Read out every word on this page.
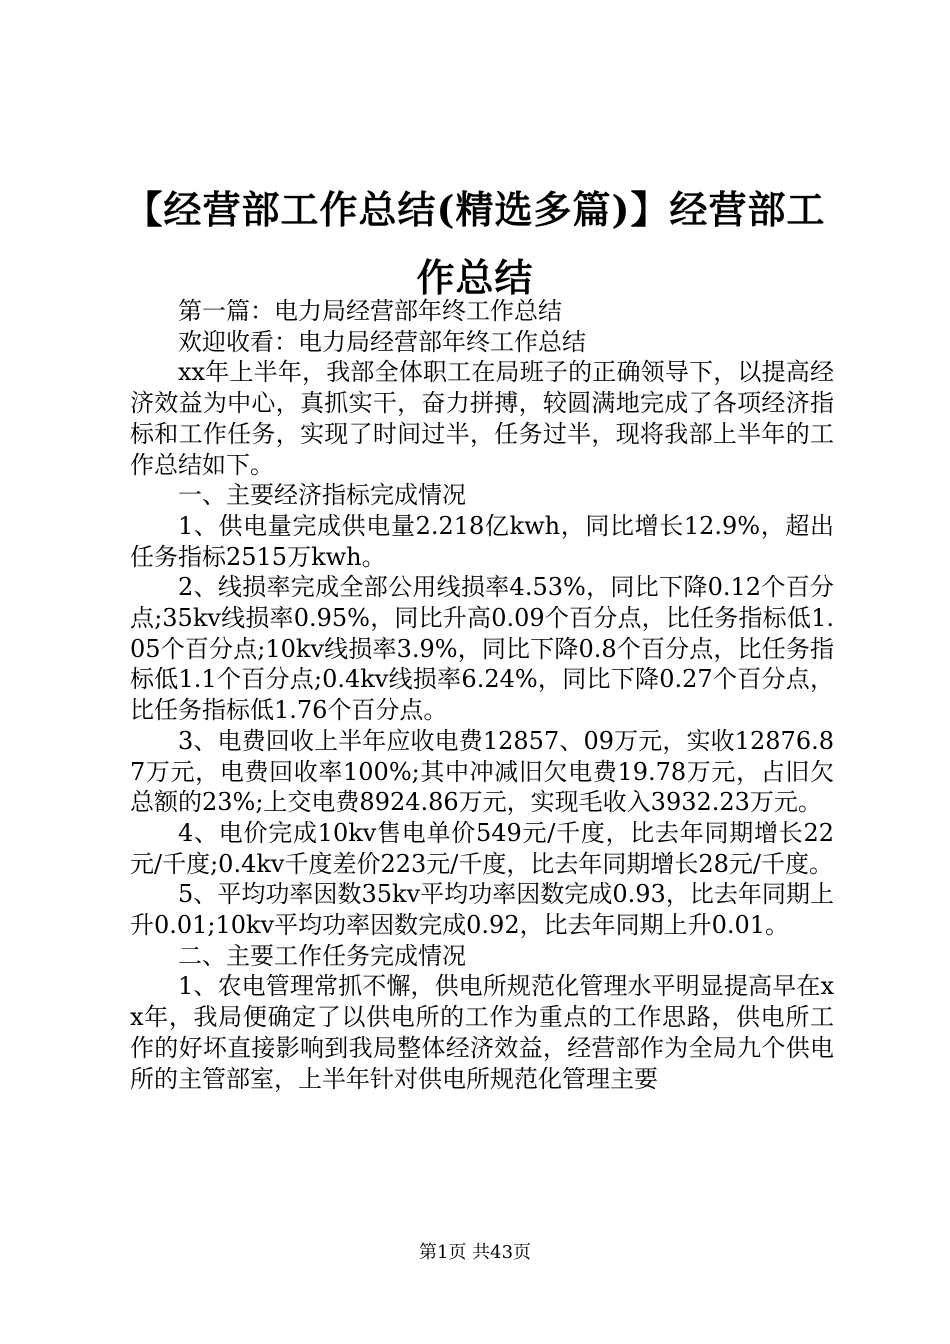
【经营部工作总结(精选多篇)】经营部工作总结

第一篇：电力局经营部年终工作总结

欢迎收看：电力局经营部年终工作总结

xx年上半年，我部全体职工在局班子的正确领导下，以提高经济效益为中心，真抓实干，奋力拼搏，较圆满地完成了各项经济指标和工作任务，实现了时间过半，任务过半，现将我部上半年的工作总结如下。

一、主要经济指标完成情况

1、供电量完成供电量2.218亿kwh，同比增长12.9%，超出任务指标2515万kwh。

2、线损率完成全部公用线损率4.53%，同比下降0.12个百分点;35kv线损率0.95%，同比升高0.09个百分点，比任务指标低1.05个百分点;10kv线损率3.9%，同比下降0.8个百分点，比任务指标低1.1个百分点;0.4kv线损率6.24%，同比下降0.27个百分点，比任务指标低1.76个百分点。

3、电费回收上半年应收电费12857、09万元，实收12876.87万元，电费回收率100%;其中冲减旧欠电费19.78万元，占旧欠总额的23%;上交电费8924.86万元，实现毛收入3932.23万元。

4、电价完成10kv售电单价549元/千度，比去年同期增长22元/千度;0.4kv千度差价223元/千度，比去年同期增长28元/千度。

5、平均功率因数35kv平均功率因数完成0.93，比去年同期上升0.01;10kv平均功率因数完成0.92，比去年同期上升0.01。

二、主要工作任务完成情况

1、农电管理常抓不懈，供电所规范化管理水平明显提高早在xx年，我局便确定了以供电所的工作为重点的工作思路，供电所工作的好坏直接影响到我局整体经济效益，经营部作为全局九个供电所的主管部室，上半年针对供电所规范化管理主要

第1页 共43页
